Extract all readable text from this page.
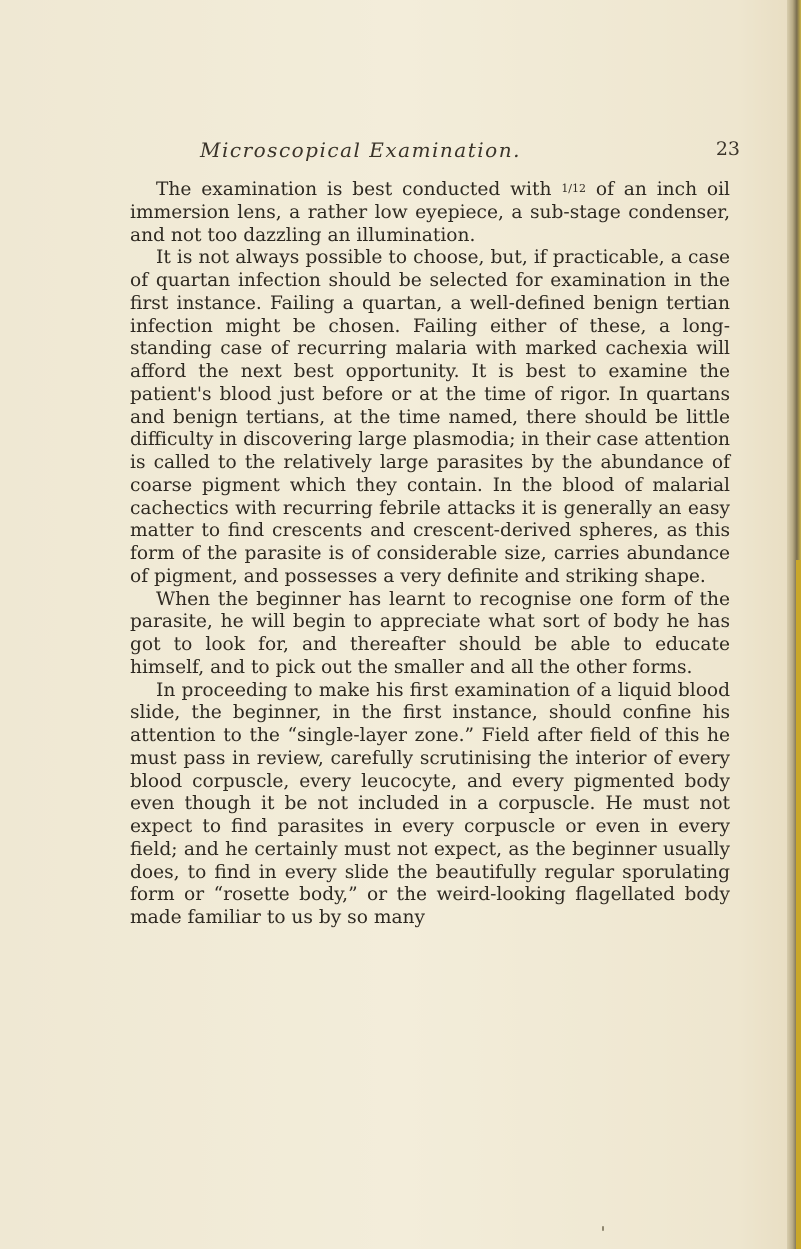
Microscopical Examination.	23

The examination is best conducted with 1/12 of an inch oil immersion lens, a rather low eyepiece, a sub-stage condenser, and not too dazzling an illumination.

It is not always possible to choose, but, if practicable, a case of quartan infection should be selected for examination in the first instance. Failing a quartan, a well-defined benign tertian infection might be chosen. Failing either of these, a long-standing case of recurring malaria with marked cachexia will afford the next best opportunity. It is best to examine the patient's blood just before or at the time of rigor. In quartans and benign tertians, at the time named, there should be little difficulty in discovering large plasmodia; in their case attention is called to the relatively large parasites by the abundance of coarse pigment which they contain. In the blood of malarial cachectics with recurring febrile attacks it is generally an easy matter to find crescents and crescent-derived spheres, as this form of the parasite is of considerable size, carries abundance of pigment, and possesses a very definite and striking shape.

When the beginner has learnt to recognise one form of the parasite, he will begin to appreciate what sort of body he has got to look for, and thereafter should be able to educate himself, and to pick out the smaller and all the other forms.

In proceeding to make his first examination of a liquid blood slide, the beginner, in the first instance, should confine his attention to the “single-layer zone.” Field after field of this he must pass in review, carefully scrutinising the interior of every blood corpuscle, every leucocyte, and every pigmented body even though it be not included in a corpuscle. He must not expect to find parasites in every corpuscle or even in every field; and he certainly must not expect, as the beginner usually does, to find in every slide the beautifully regular sporulating form or “rosette body,” or the weird-looking flagellated body made familiar to us by so many
